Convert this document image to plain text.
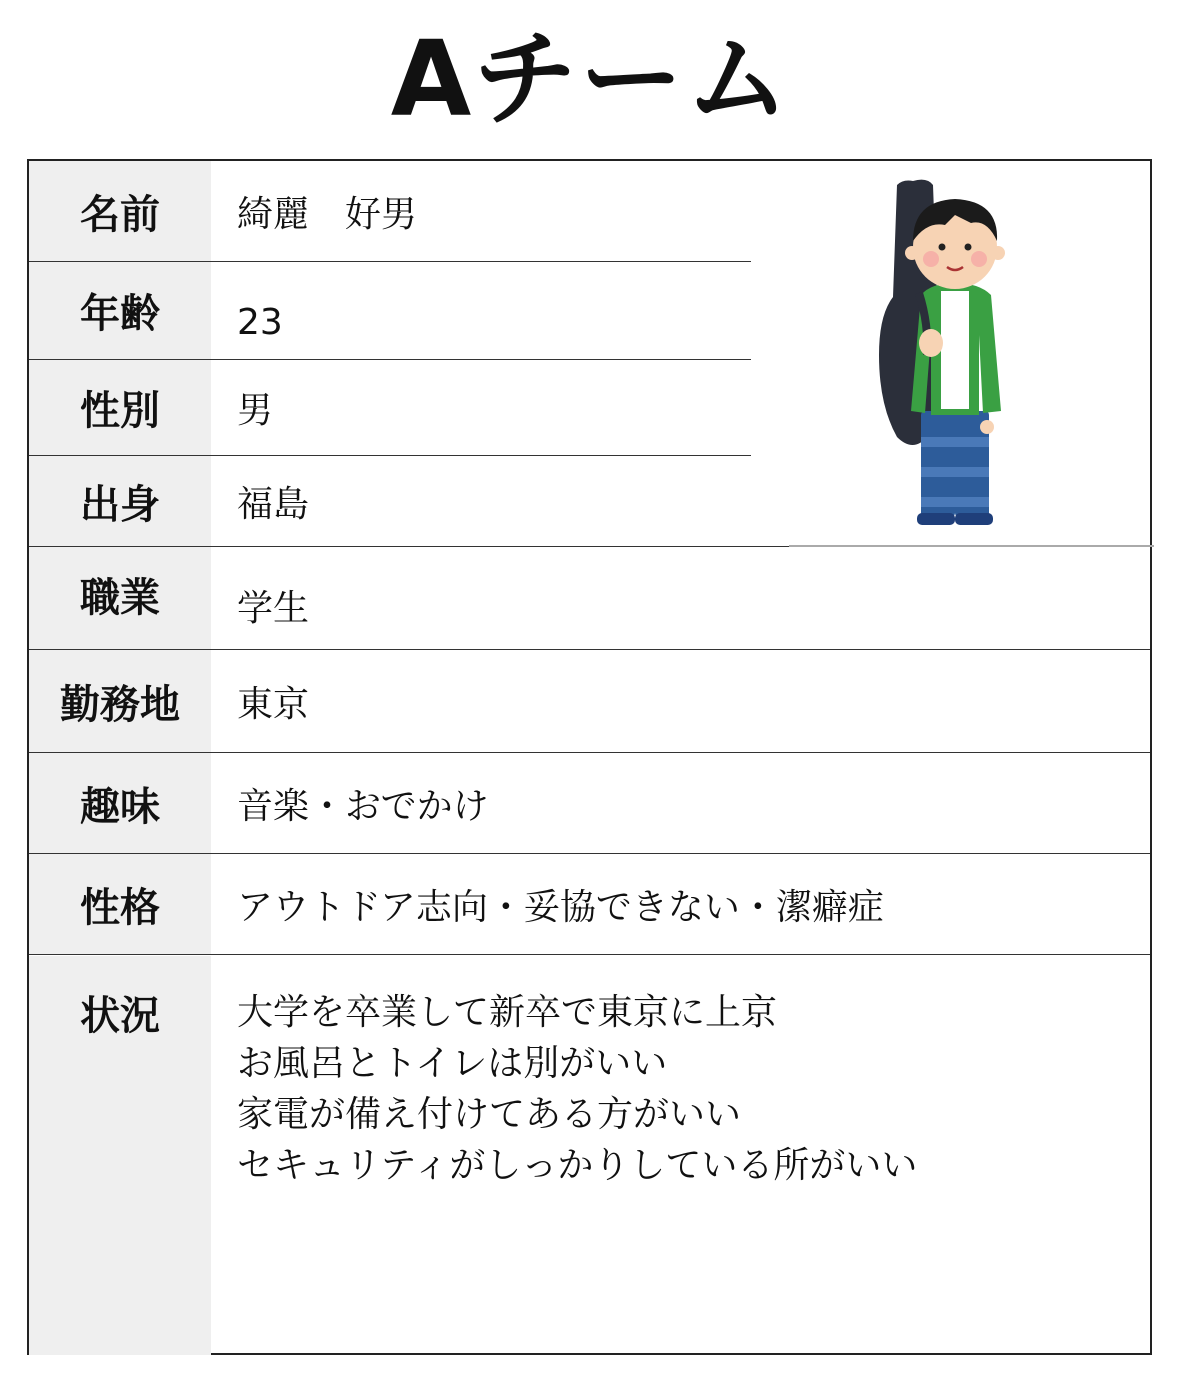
Aチーム
名前	綺麗　好男
年齢	23
性別	男
出身	福島
職業	学生
勤務地	東京
趣味	音楽・おでかけ
性格	アウトドア志向・妥協できない・潔癖症
状況	大学を卒業して新卒で東京に上京
お風呂とトイレは別がいい
家電が備え付けてある方がいい
セキュリティがしっかりしている所がいい
